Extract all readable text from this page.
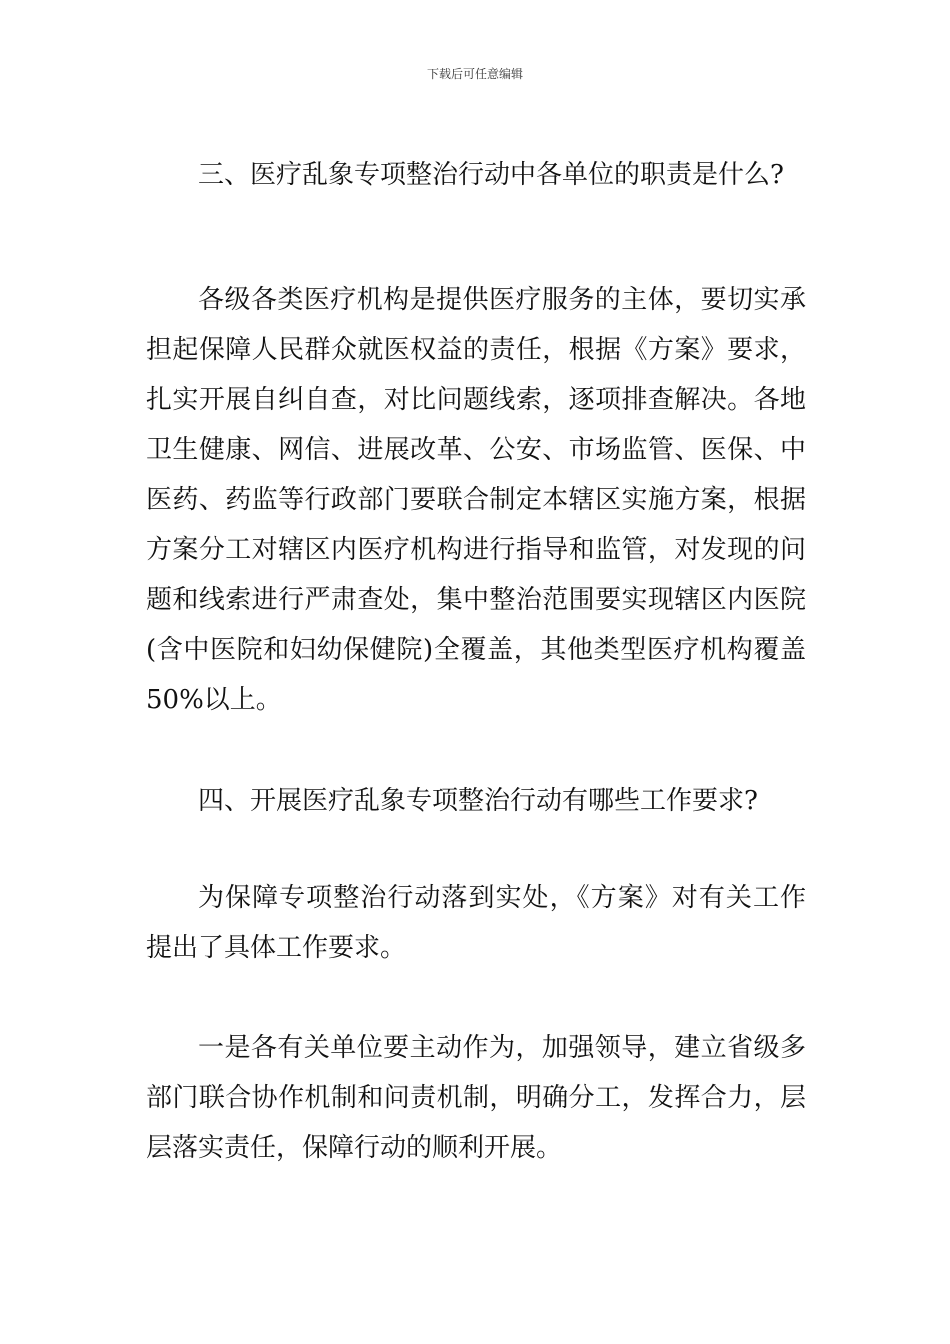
下载后可任意编辑
三、医疗乱象专项整治行动中各单位的职责是什么?
各级各类医疗机构是提供医疗服务的主体，要切实承担起保障人民群众就医权益的责任，根据《方案》要求，扎实开展自纠自查，对比问题线索，逐项排查解决。各地卫生健康、网信、进展改革、公安、市场监管、医保、中医药、药监等行政部门要联合制定本辖区实施方案，根据方案分工对辖区内医疗机构进行指导和监管，对发现的问题和线索进行严肃查处，集中整治范围要实现辖区内医院(含中医院和妇幼保健院)全覆盖，其他类型医疗机构覆盖50%以上。
四、开展医疗乱象专项整治行动有哪些工作要求?
为保障专项整治行动落到实处，《方案》对有关工作提出了具体工作要求。
一是各有关单位要主动作为，加强领导，建立省级多部门联合协作机制和问责机制，明确分工，发挥合力，层层落实责任，保障行动的顺利开展。
